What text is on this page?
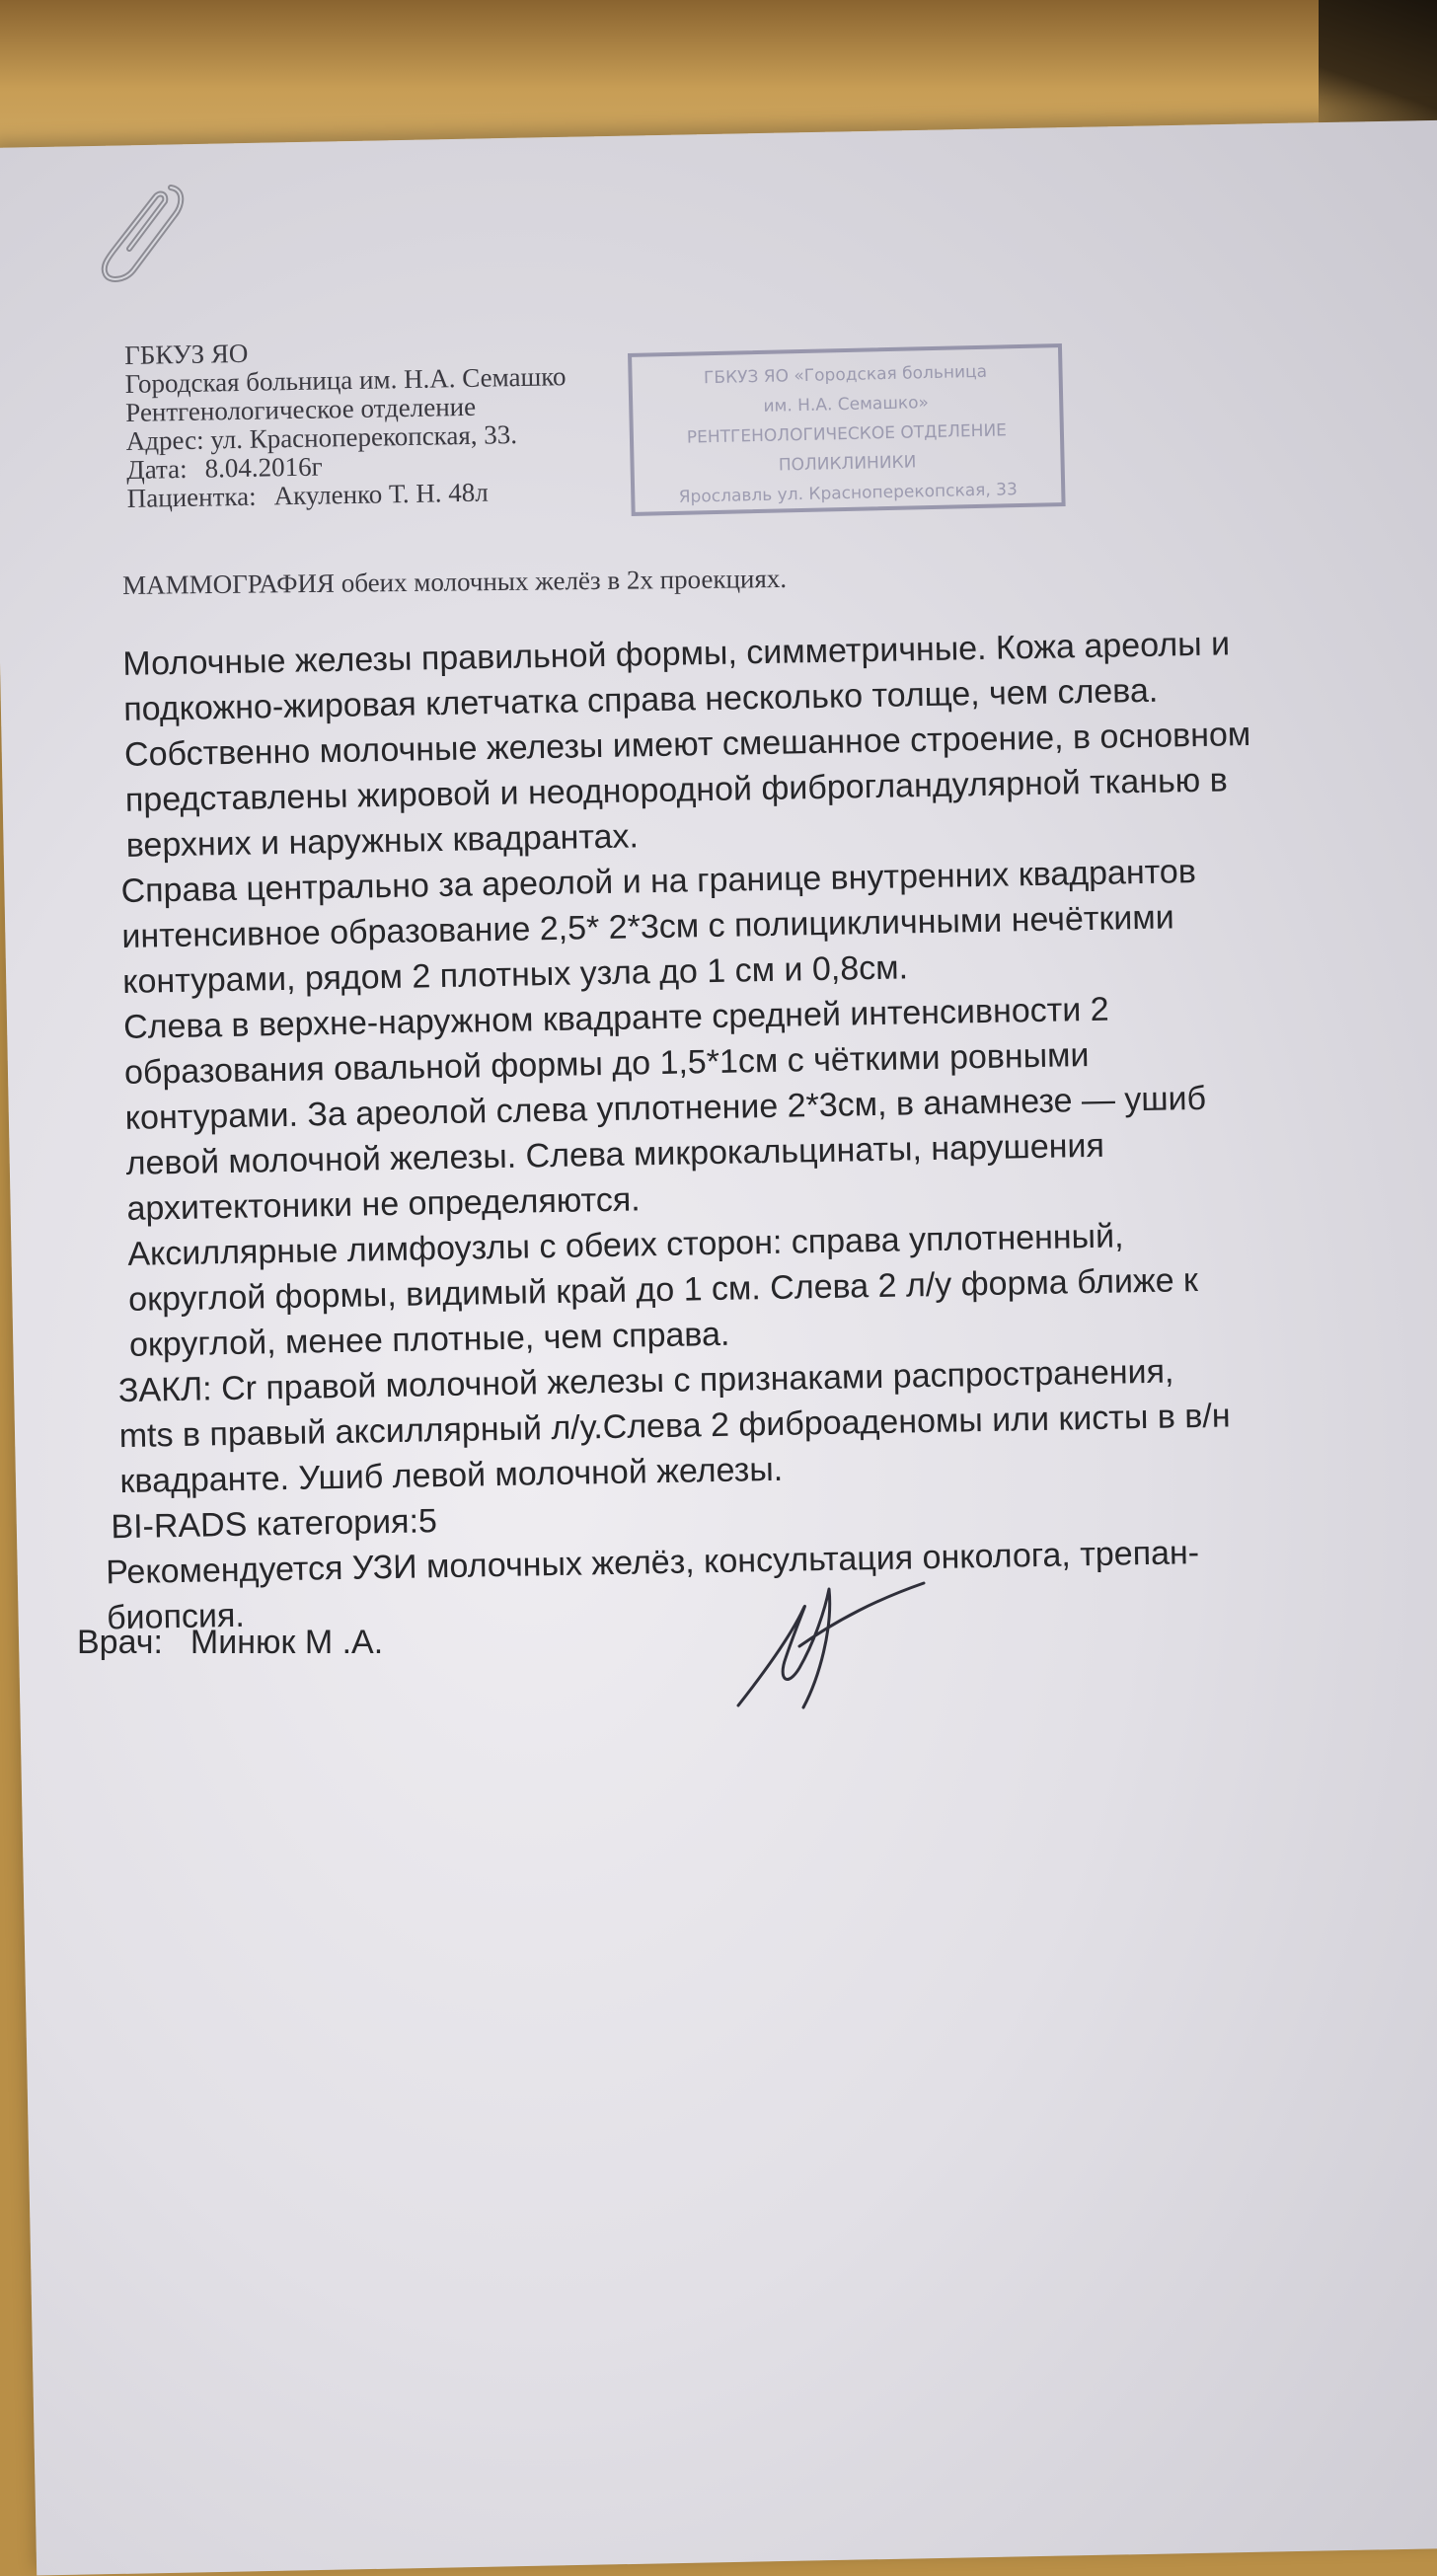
ГБКУЗ ЯО
Городская больница им. Н.А. Семашко
Рентгенологическое отделение
Адрес: ул. Краснoперекопская, 33.
Дата: 8.04.2016г
Пациентка: Акуленко Т. Н. 48л
ГБКУЗ ЯО «Городская больница
им. Н.А. Семашко»
РЕНТГЕНОЛОГИЧЕСКОЕ ОТДЕЛЕНИЕ
ПОЛИКЛИНИКИ
Ярославль ул. Красноперекопская, 33
МАММОГРАФИЯ обеих молочных желёз в 2х проекциях.
Молочные железы правильной формы, симметричные. Кожа ареолы и
подкожно-жировая клетчатка справа несколько толще, чем слева.
Собственно молочные железы имеют смешанное строение, в основном
представлены жировой и неоднородной фиброгландулярной тканью в
верхних и наружных квадрантах.
Справа центрально за ареолой и на границе внутренних квадрантов
интенсивное образование 2,5* 2*3см с полицикличными нечёткими
контурами, рядом 2 плотных узла до 1 см и 0,8см.
Слева в верхне-наружном квадранте средней интенсивности 2
образования овальной формы до 1,5*1см с чёткими ровными
контурами. За ареолой слева уплотнение 2*3см, в анамнезе — ушиб
левой молочной железы. Слева микрокальцинаты, нарушения
архитектоники не определяются.
Аксиллярные лимфоузлы с обеих сторон: справа уплотненный,
округлой формы, видимый край до 1 см. Слева 2 л/у форма ближе к
округлой, менее плотные, чем справа.
ЗАКЛ: Cr правой молочной железы с признаками распространения,
mts в правый аксиллярный л/у.Слева 2 фиброаденомы или кисты в в/н
квадранте. Ушиб левой молочной железы.
BI-RADS категория:5
Рекомендуется УЗИ молочных желёз, консультация онколога, трепан-
биопсия.
Врач: Минюк М .А.
